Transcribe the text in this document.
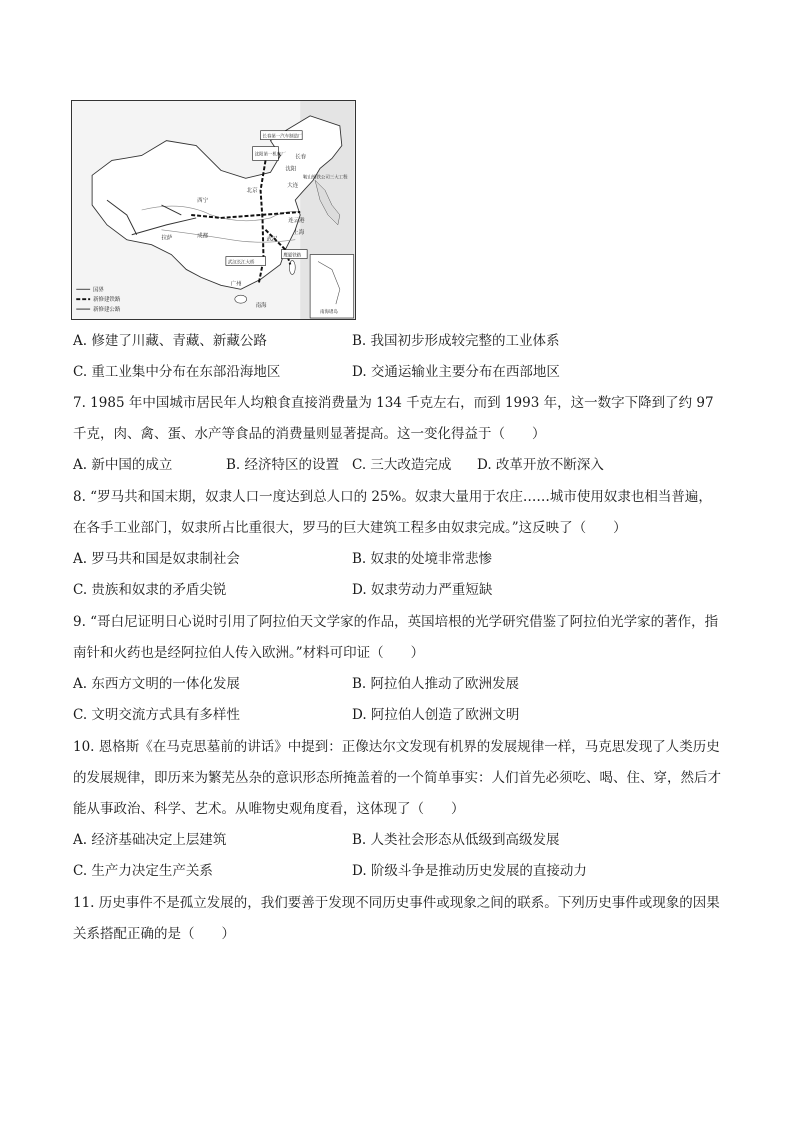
长春第一汽车制造厂
沈阳第一机床厂 长春
沈阳
鞍山钢铁公司三大工程
北京
大连
西宁
拉萨	成都	武汉
连云港
上海
广州
南海
武汉长江大桥
鹰厦铁路
南海诸岛
国界
新修建铁路
新修建公路
A. 修建了川藏、青藏、新藏公路	B. 我国初步形成较完整的工业体系
C. 重工业集中分布在东部沿海地区	D. 交通运输业主要分布在西部地区
7. 1985 年中国城市居民年人均粮食直接消费量为 134 千克左右，而到 1993 年，这一数字下降到了约 97 千克，肉、禽、蛋、水产等食品的消费量则显著提高。这一变化得益于（　　）
A. 新中国的成立	B. 经济特区的设置 C. 三大改造完成 D. 改革开放不断深入
8. “罗马共和国末期，奴隶人口一度达到总人口的 25%。奴隶大量用于农庄……城市使用奴隶也相当普遍，在各手工业部门，奴隶所占比重很大，罗马的巨大建筑工程多由奴隶完成。”这反映了（　　）
A. 罗马共和国是奴隶制社会	B. 奴隶的处境非常悲惨
C. 贵族和奴隶的矛盾尖锐	D. 奴隶劳动力严重短缺
9. “哥白尼证明日心说时引用了阿拉伯天文学家的作品，英国培根的光学研究借鉴了阿拉伯光学家的著作，指南针和火药也是经阿拉伯人传入欧洲。”材料可印证（　　）
A. 东西方文明的一体化发展	B. 阿拉伯人推动了欧洲发展
C. 文明交流方式具有多样性	D. 阿拉伯人创造了欧洲文明
10. 恩格斯《在马克思墓前的讲话》中提到：正像达尔文发现有机界的发展规律一样，马克思发现了人类历史的发展规律，即历来为繁芜丛杂的意识形态所掩盖着的一个简单事实：人们首先必须吃、喝、住、穿，然后才能从事政治、科学、艺术。从唯物史观角度看，这体现了（　　）
A. 经济基础决定上层建筑	B. 人类社会形态从低级到高级发展
C. 生产力决定生产关系	D. 阶级斗争是推动历史发展的直接动力
11. 历史事件不是孤立发展的，我们要善于发现不同历史事件或现象之间的联系。下列历史事件或现象的因果关系搭配正确的是（　　）
